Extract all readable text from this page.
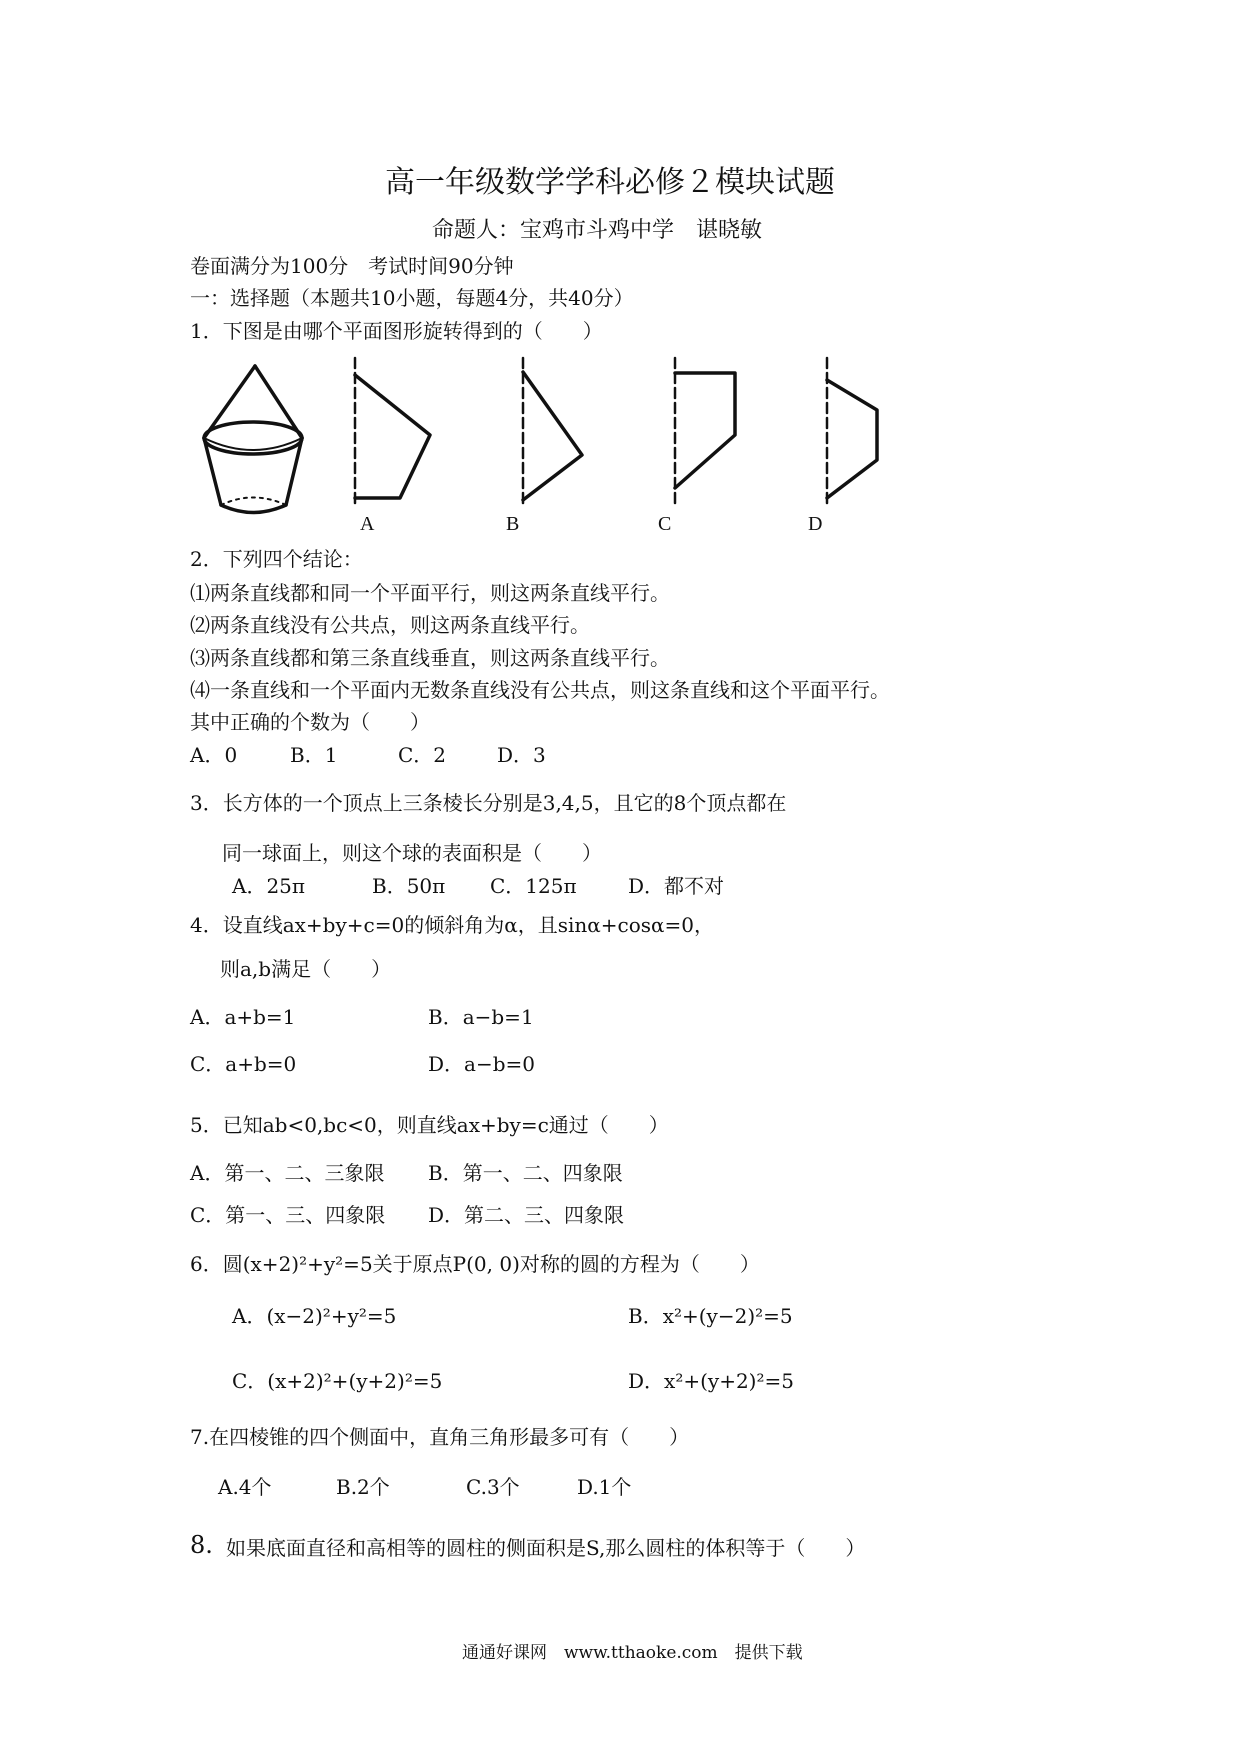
高一年级数学学科必修２模块试题
命题人：宝鸡市斗鸡中学　谌晓敏
卷面满分为100分　考试时间90分钟
一：选择题（本题共10小题，每题4分，共40分）
1．下图是由哪个平面图形旋转得到的（　　）
A	B	C	D
2．下列四个结论：
⑴两条直线都和同一个平面平行，则这两条直线平行。
⑵两条直线没有公共点，则这两条直线平行。
⑶两条直线都和第三条直线垂直，则这两条直线平行。
⑷一条直线和一个平面内无数条直线没有公共点，则这条直线和这个平面平行。
其中正确的个数为（　　）
A．0	B．1	C．2	D．3
3．长方体的一个顶点上三条棱长分别是3,4,5，且它的8个顶点都在
同一球面上，则这个球的表面积是（　　）
A．25π	B．50π C．125π	D．都不对
4．设直线ax+by+c=0的倾斜角为α，且sinα+cosα=0，
则a,b满足（　　）
A．a+b=1	B．a−b=1
C．a+b=0	D．a−b=0
5．已知ab<0,bc<0，则直线ax+by=c通过（　　）
A．第一、二、三象限 B．第一、二、四象限
C．第一、三、四象限 D．第二、三、四象限
6．圆(x+2)²+y²=5关于原点P(0, 0)对称的圆的方程为（　　）
A．(x−2)²+y²=5	B．x²+(y−2)²=5
C．(x+2)²+(y+2)²=5	D．x²+(y+2)²=5
7.在四棱锥的四个侧面中，直角三角形最多可有（　　）
A.4个	B.2个	C.3个	D.1个
8. 如果底面直径和高相等的圆柱的侧面积是S,那么圆柱的体积等于（　　）
通通好课网　www.tthaoke.com　提供下载
